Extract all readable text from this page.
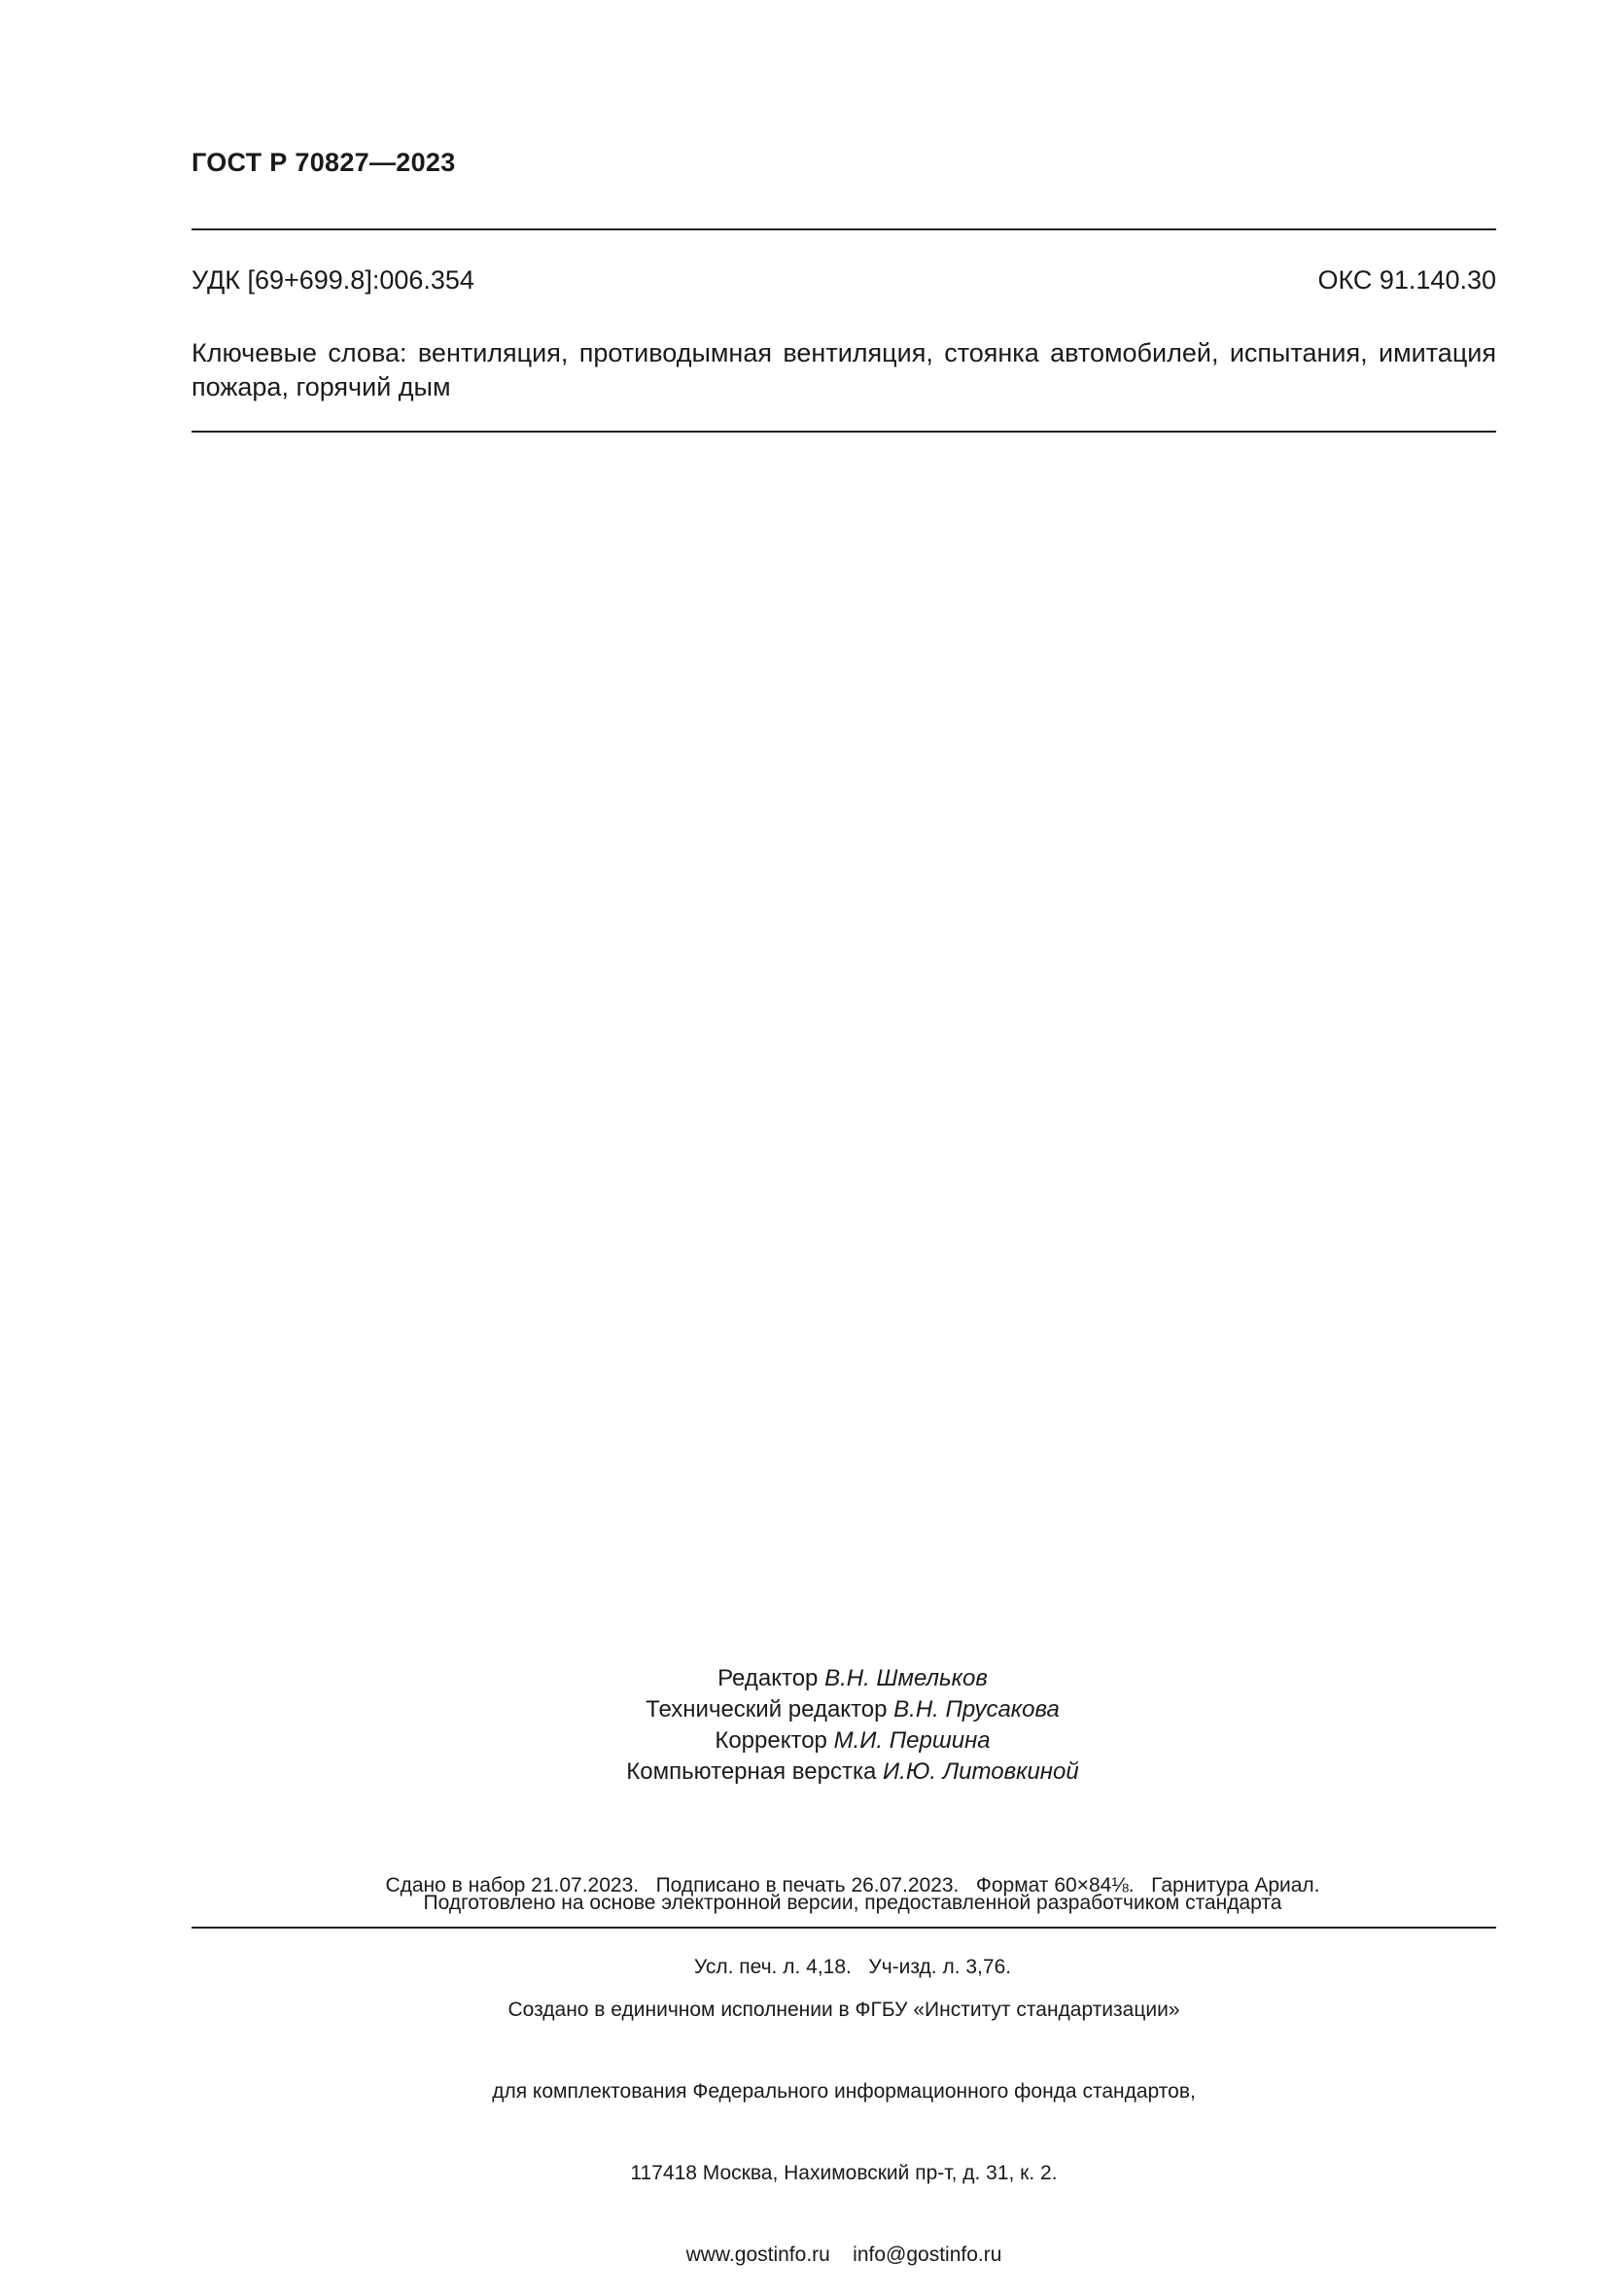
ГОСТ Р 70827—2023
УДК [69+699.8]:006.354	ОКС 91.140.30
Ключевые слова: вентиляция, противодымная вентиляция, стоянка автомобилей, испытания, имитация пожара, горячий дым
Редактор В.Н. Шмельков
Технический редактор В.Н. Прусакова
Корректор М.И. Першина
Компьютерная верстка И.Ю. Литовкиной

Сдано в набор 21.07.2023.   Подписано в печать 26.07.2023.   Формат 60×84⅛.   Гарнитура Ариал.

Усл. печ. л. 4,18.   Уч-изд. л. 3,76.

Подготовлено на основе электронной версии, предоставленной разработчиком стандарта

Создано в единичном исполнении в ФГБУ «Институт стандартизации»

для комплектования Федерального информационного фонда стандартов,

117418 Москва, Нахимовский пр-т, д. 31, к. 2.

www.gostinfo.ru    info@gostinfo.ru
